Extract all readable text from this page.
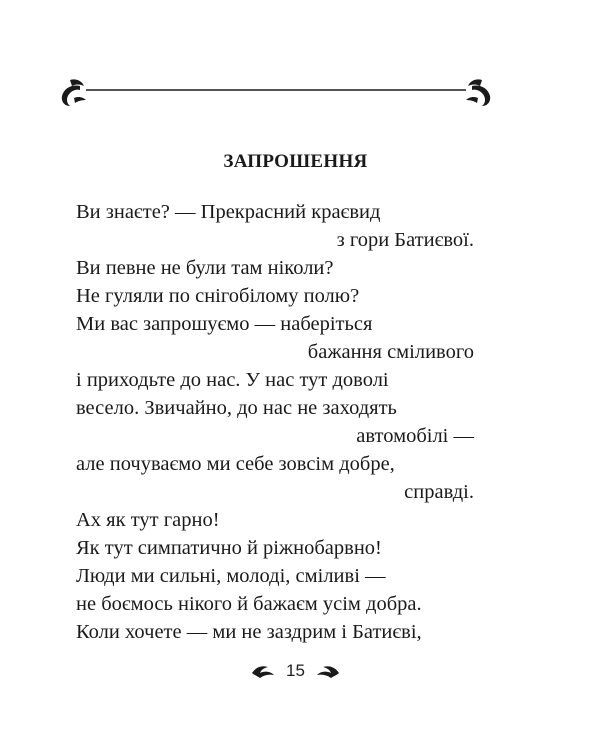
ЗАПРОШЕННЯ
Ви знаєте? — Прекрасний краєвид
з гори Батиєвої.
Ви певне не були там ніколи?
Не гуляли по снігобілому полю?
Ми вас запрошуємо — наберіться
бажання сміливого
і приходьте до нас. У нас тут доволі
весело. Звичайно, до нас не заходять
автомобілі —
але почуваємо ми себе зовсім добре,
справді.
Ах як тут гарно!
Як тут симпатично й ріжнобарвно!
Люди ми сильні, молоді, сміливі —
не боємось нікого й бажаєм усім добра.
Коли хочете — ми не заздрим і Батиєві,
15
